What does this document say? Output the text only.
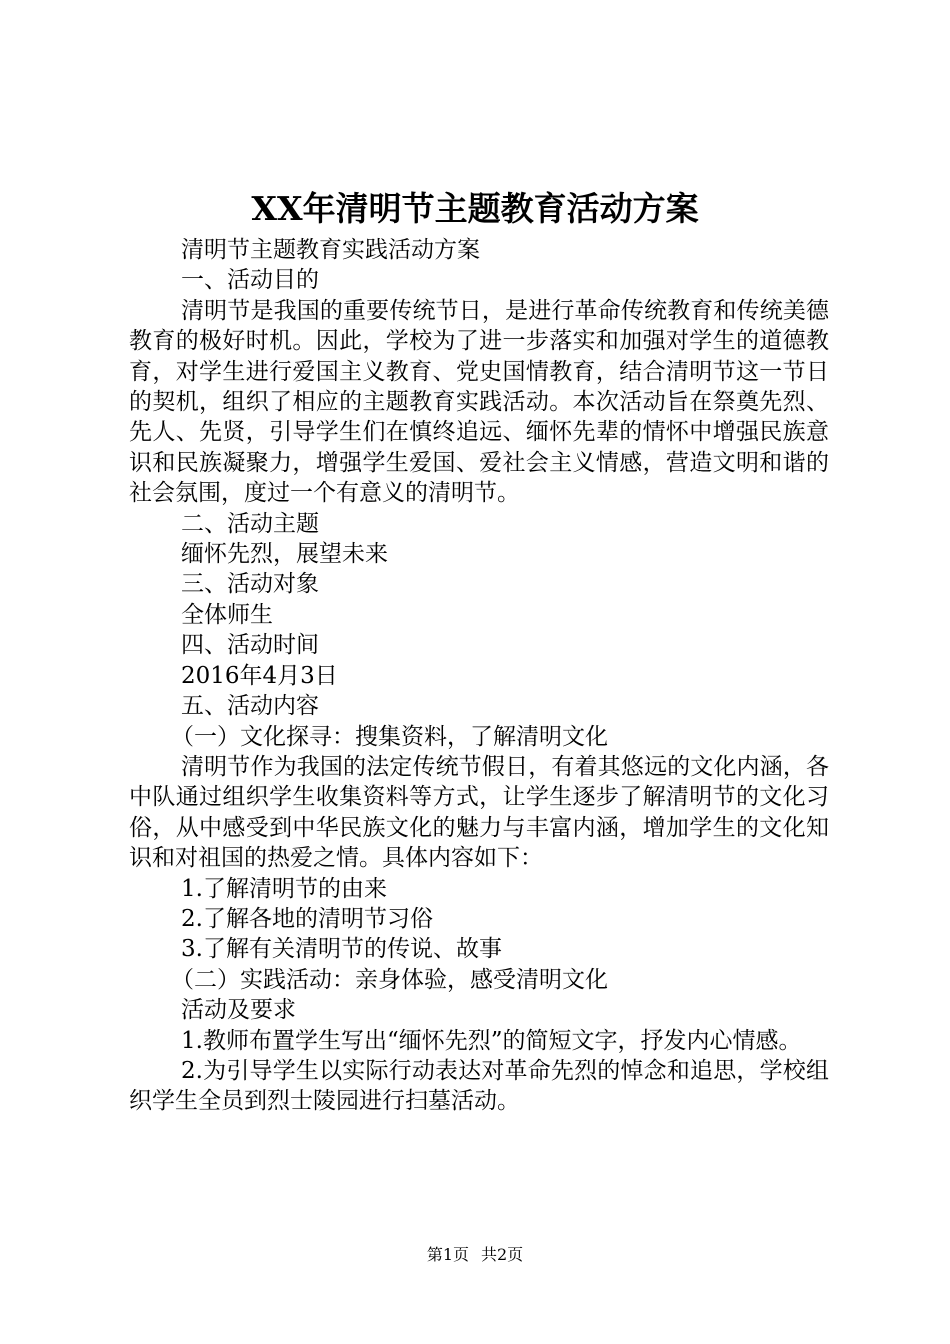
XX年清明节主题教育活动方案

清明节主题教育实践活动方案

一、活动目的

清明节是我国的重要传统节日，是进行革命传统教育和传统美德教育的极好时机。因此，学校为了进一步落实和加强对学生的道德教育，对学生进行爱国主义教育、党史国情教育，结合清明节这一节日的契机，组织了相应的主题教育实践活动。本次活动旨在祭奠先烈、先人、先贤，引导学生们在慎终追远、缅怀先辈的情怀中增强民族意识和民族凝聚力，增强学生爱国、爱社会主义情感，营造文明和谐的社会氛围，度过一个有意义的清明节。

二、活动主题

缅怀先烈，展望未来

三、活动对象

全体师生

四、活动时间

2016年4月3日

五、活动内容

（一）文化探寻：搜集资料，了解清明文化

清明节作为我国的法定传统节假日，有着其悠远的文化内涵，各中队通过组织学生收集资料等方式，让学生逐步了解清明节的文化习俗，从中感受到中华民族文化的魅力与丰富内涵，增加学生的文化知识和对祖国的热爱之情。具体内容如下：

1.了解清明节的由来

2.了解各地的清明节习俗

3.了解有关清明节的传说、故事

（二）实践活动：亲身体验，感受清明文化

活动及要求

1.教师布置学生写出“缅怀先烈”的简短文字，抒发内心情感。

2.为引导学生以实际行动表达对革命先烈的悼念和追思，学校组织学生全员到烈士陵园进行扫墓活动。

第1页 共2页
